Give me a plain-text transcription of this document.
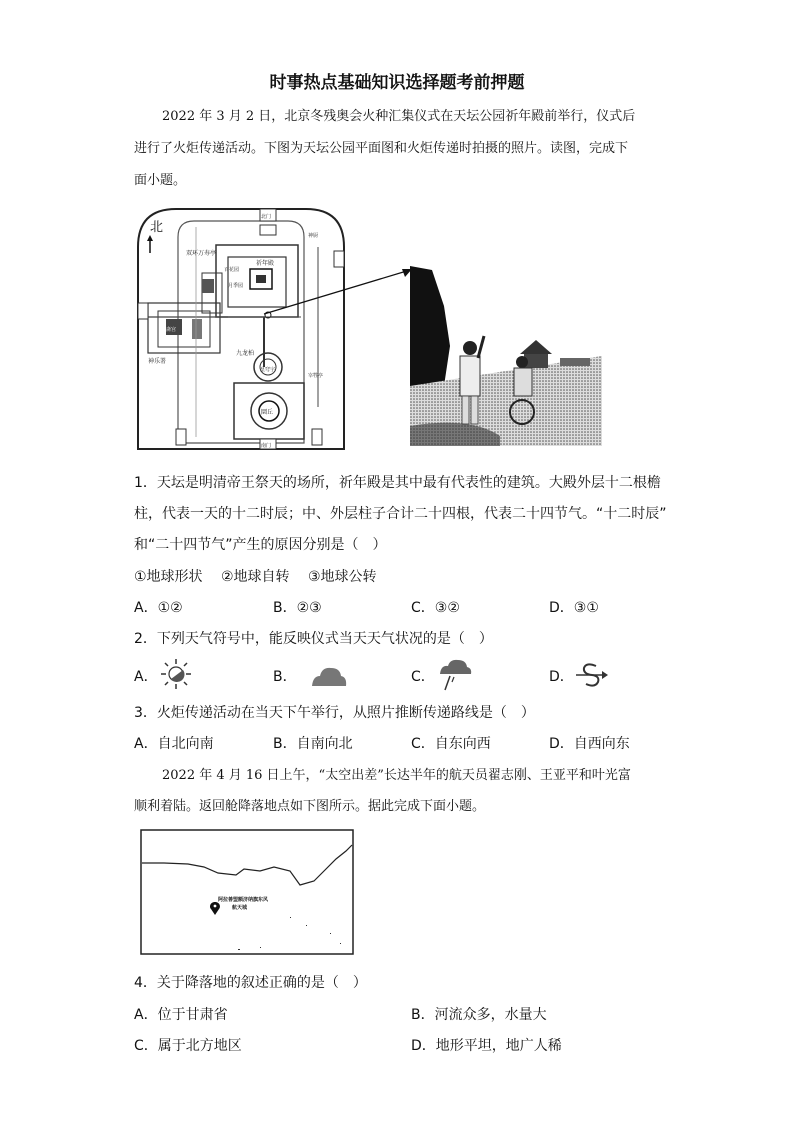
时事热点基础知识选择题考前押题
2022 年 3 月 2 日，北京冬残奥会火种汇集仪式在天坛公园祈年殿前举行，仪式后
进行了火炬传递活动。下图为天坛公园平面图和火炬传递时拍摄的照片。读图，完成下
面小题。
北
双环万寿亭
祈年殿
百花园
月季园
神乐署
斋宫
九龙柏
皇穹宇
圜丘
神厨
宰牲亭
北门
南门
1．天坛是明清帝王祭天的场所，祈年殿是其中最有代表性的建筑。大殿外层十二根檐
柱，代表一天的十二时辰；中、外层柱子合计二十四根，代表二十四节气。“十二时辰”
和“二十四节气”产生的原因分别是（　）
①地球形状　 ②地球自转　 ③地球公转
A．①②	B．②③	C．③②	D．③①
2．下列天气符号中，能反映仪式当天天气状况的是（　）
A．	B．	C．	D．
3．火炬传递活动在当天下午举行，从照片推断传递路线是（　）
A．自北向南	B．自南向北	C．自东向西	D．自西向东
2022 年 4 月 16 日上午，“太空出差”长达半年的航天员翟志刚、王亚平和叶光富
顺利着陆。返回舱降落地点如下图所示。据此完成下面小题。
阿拉善盟额济纳旗东风
航天城
4．关于降落地的叙述正确的是（　）
A．位于甘肃省	B．河流众多，水量大
C．属于北方地区	D．地形平坦，地广人稀
